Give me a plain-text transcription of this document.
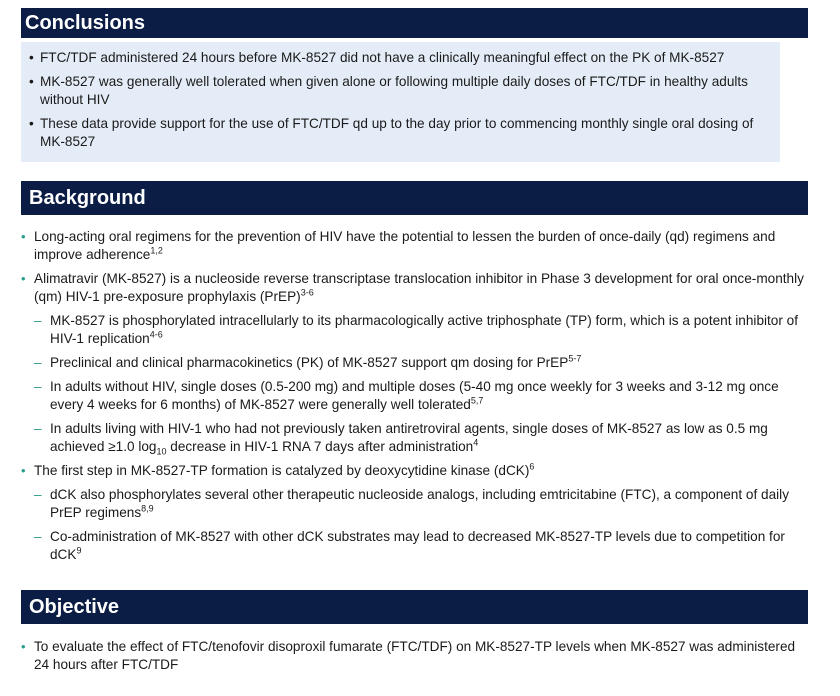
Conclusions
• FTC/TDF administered 24 hours before MK-8527 did not have a clinically meaningful effect on the PK of MK-8527
• MK-8527 was generally well tolerated when given alone or following multiple daily doses of FTC/TDF in healthy adults without HIV
• These data provide support for the use of FTC/TDF qd up to the day prior to commencing monthly single oral dosing of MK-8527
Background
• Long-acting oral regimens for the prevention of HIV have the potential to lessen the burden of once-daily (qd) regimens and improve adherence$^{1,2}$
• Alimatravir (MK-8527) is a nucleoside reverse transcriptase translocation inhibitor in Phase 3 development for oral once-monthly (qm) HIV-1 pre-exposure prophylaxis (PrEP)$^{3-6}$
– MK-8527 is phosphorylated intracellularly to its pharmacologically active triphosphate (TP) form, which is a potent inhibitor of HIV-1 replication$^{4-6}$
– Preclinical and clinical pharmacokinetics (PK) of MK-8527 support qm dosing for PrEP$^{5-7}$
– In adults without HIV, single doses (0.5-200 mg) and multiple doses (5-40 mg once weekly for 3 weeks and 3-12 mg once every 4 weeks for 6 months) of MK-8527 were generally well tolerated$^{5,7}$
– In adults living with HIV-1 who had not previously taken antiretroviral agents, single doses of MK-8527 as low as 0.5 mg achieved ≥1.0 $\log_{10}$ decrease in HIV-1 RNA 7 days after administration$^4$
• The first step in MK-8527-TP formation is catalyzed by deoxycytidine kinase (dCK)$^6$
– dCK also phosphorylates several other therapeutic nucleoside analogs, including emtricitabine (FTC), a component of daily PrEP regimens$^{8,9}$
– Co-administration of MK-8527 with other dCK substrates may lead to decreased MK-8527-TP levels due to competition for dCK$^9$
Objective
• To evaluate the effect of FTC/tenofovir disoproxil fumarate (FTC/TDF) on MK-8527-TP levels when MK-8527 was administered 24 hours after FTC/TDF
